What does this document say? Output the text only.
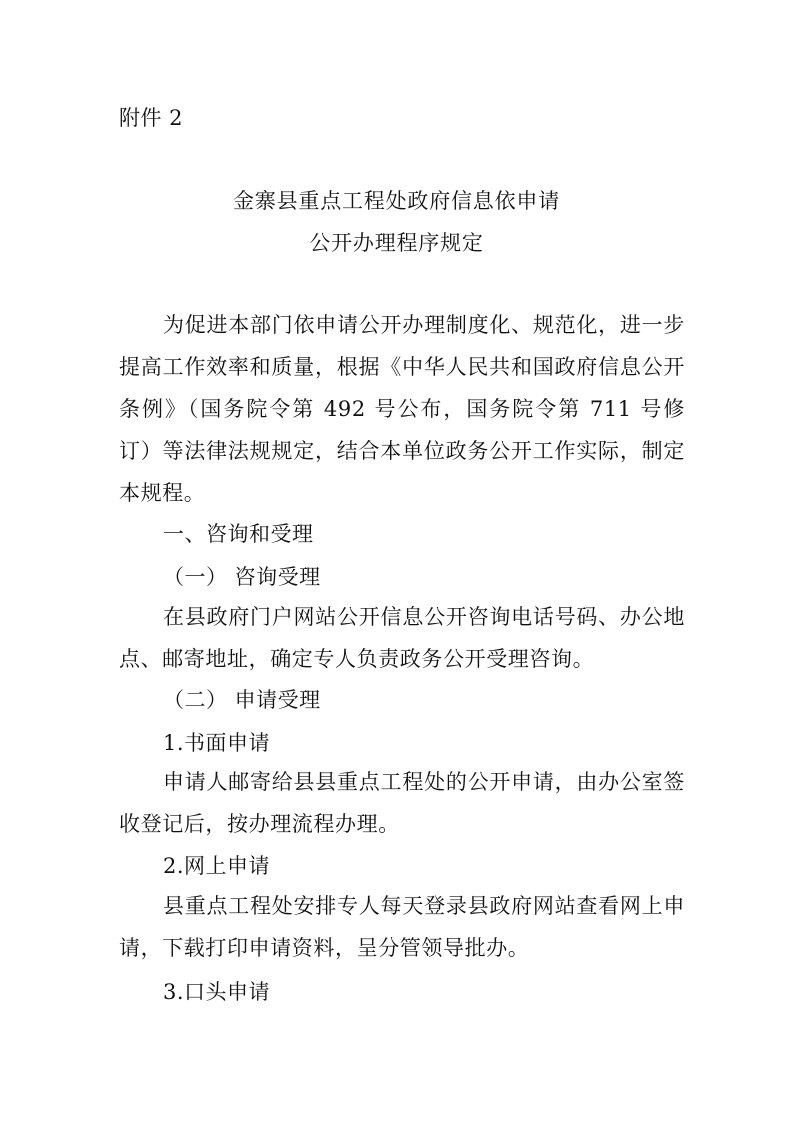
附件 2
金寨县重点工程处政府信息依申请
公开办理程序规定
为促进本部门依申请公开办理制度化、规范化，进一步提高工作效率和质量，根据《中华人民共和国政府信息公开条例》（国务院令第 492 号公布，国务院令第 711 号修订）等法律法规规定，结合本单位政务公开工作实际，制定本规程。
一、咨询和受理
（一） 咨询受理
在县政府门户网站公开信息公开咨询电话号码、办公地点、邮寄地址，确定专人负责政务公开受理咨询。
（二） 申请受理
1.书面申请
申请人邮寄给县县重点工程处的公开申请，由办公室签收登记后，按办理流程办理。
2.网上申请
县重点工程处安排专人每天登录县政府网站查看网上申请，下载打印申请资料，呈分管领导批办。
3.口头申请
